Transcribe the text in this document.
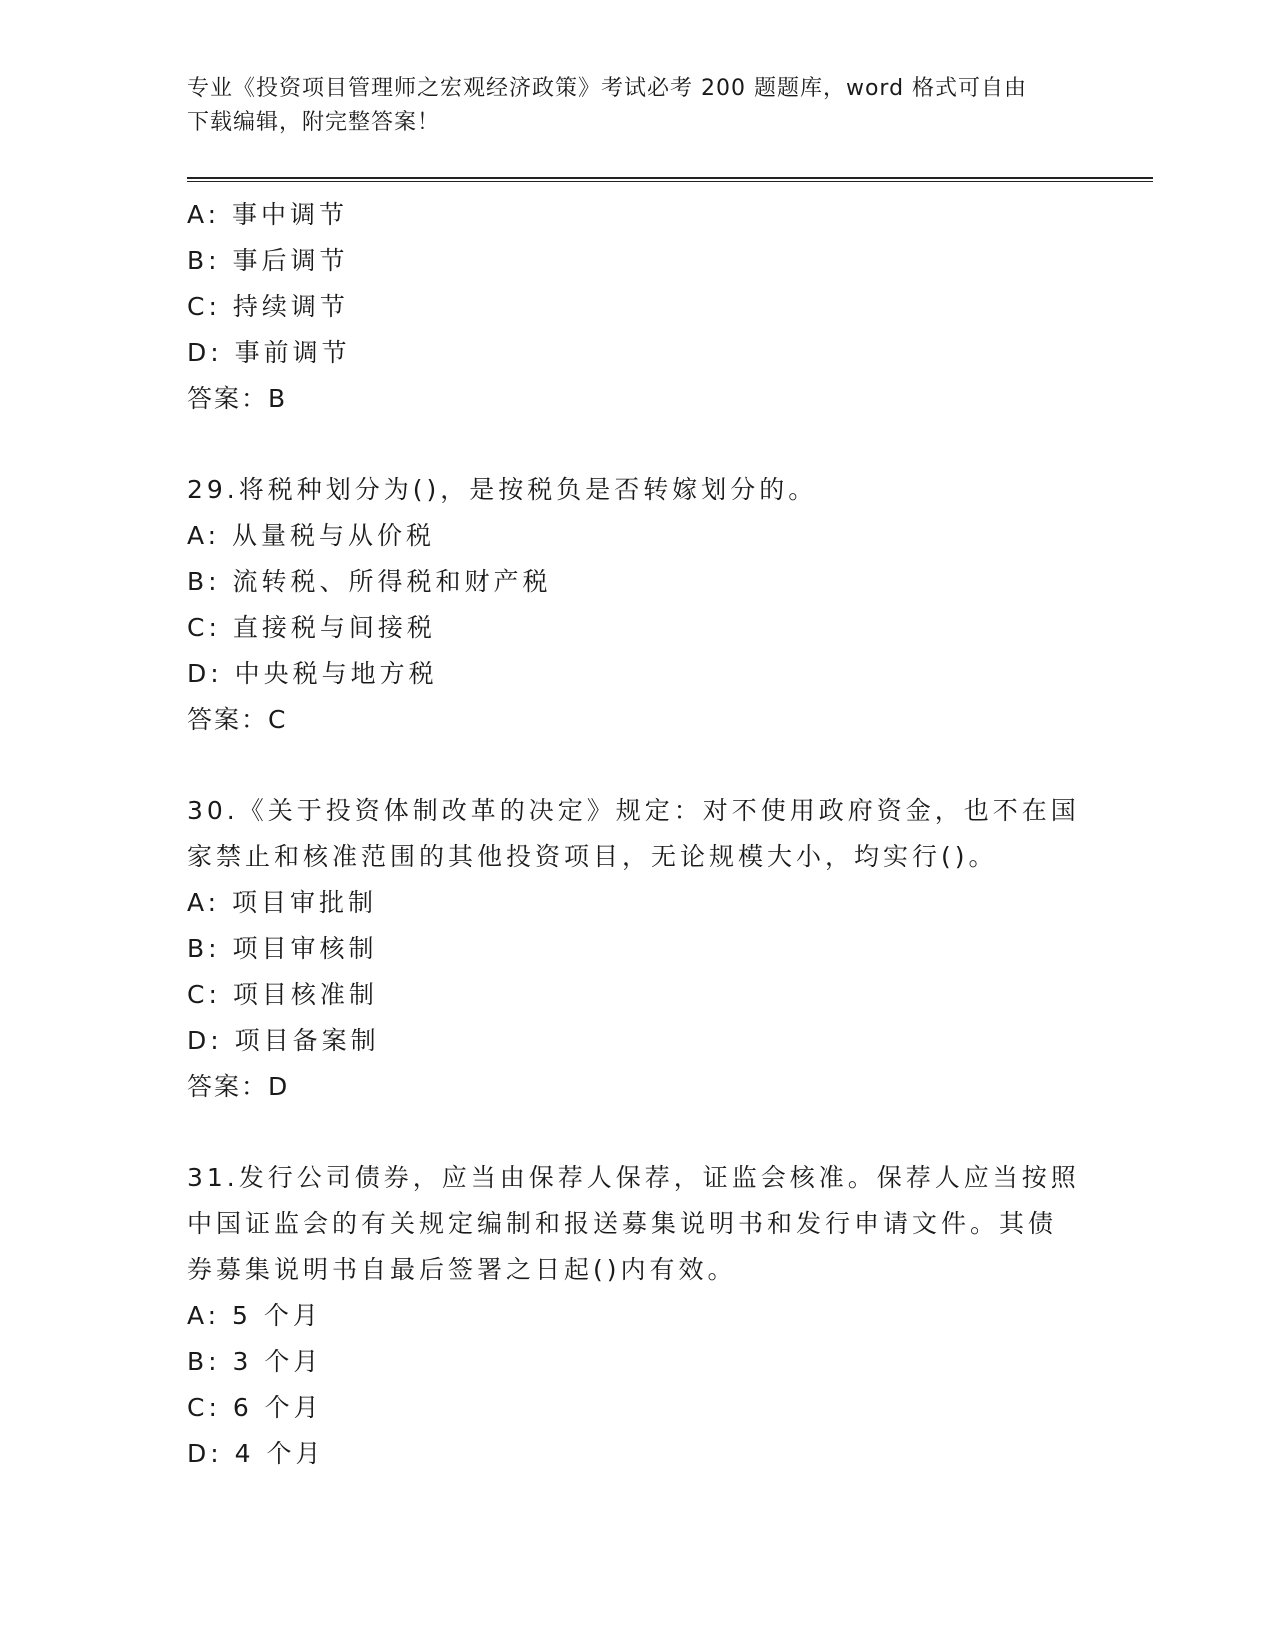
专业《投资项目管理师之宏观经济政策》考试必考 200 题题库，word 格式可自由
下载编辑，附完整答案！
A: 事中调节
B: 事后调节
C: 持续调节
D: 事前调节
答案：B
29.将税种划分为()，是按税负是否转嫁划分的。
A: 从量税与从价税
B: 流转税、所得税和财产税
C: 直接税与间接税
D: 中央税与地方税
答案：C
30.《关于投资体制改革的决定》规定：对不使用政府资金，也不在国
家禁止和核准范围的其他投资项目，无论规模大小，均实行()。
A: 项目审批制
B: 项目审核制
C: 项目核准制
D: 项目备案制
答案：D
31.发行公司债券，应当由保荐人保荐，证监会核准。保荐人应当按照
中国证监会的有关规定编制和报送募集说明书和发行申请文件。其债
券募集说明书自最后签署之日起()内有效。
A: 5 个月
B: 3 个月
C: 6 个月
D: 4 个月
